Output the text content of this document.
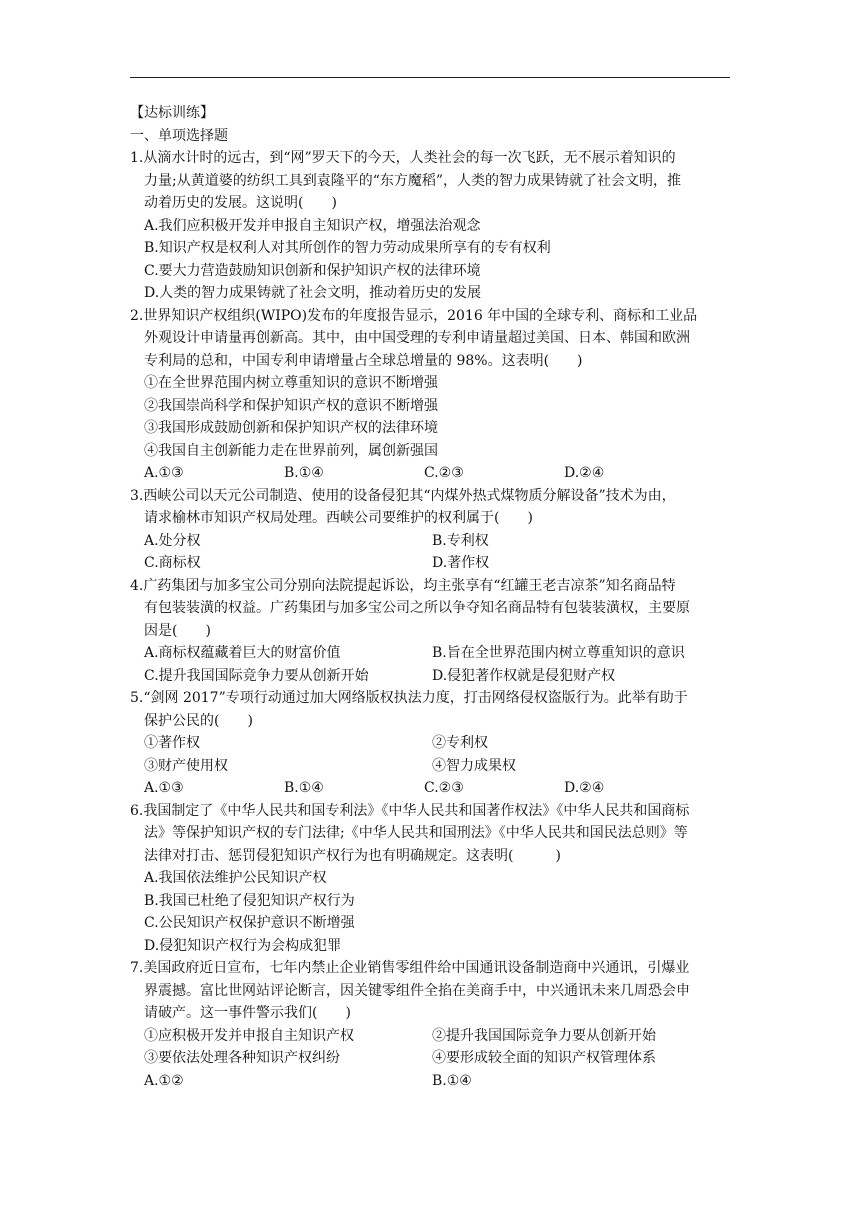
【达标训练】
一、单项选择题
1.从滴水计时的远古，到“网”罗天下的今天，人类社会的每一次飞跃，无不展示着知识的
力量;从黄道婆的纺织工具到袁隆平的“东方魔稻”，人类的智力成果铸就了社会文明，推
动着历史的发展。这说明(　　)
A.我们应积极开发并申报自主知识产权，增强法治观念
B.知识产权是权利人对其所创作的智力劳动成果所享有的专有权利
C.要大力营造鼓励知识创新和保护知识产权的法律环境
D.人类的智力成果铸就了社会文明，推动着历史的发展
2.世界知识产权组织(WIPO)发布的年度报告显示，2016 年中国的全球专利、商标和工业品
外观设计申请量再创新高。其中，由中国受理的专利申请量超过美国、日本、韩国和欧洲
专利局的总和，中国专利申请增量占全球总增量的 98%。这表明(　　)
①在全世界范围内树立尊重知识的意识不断增强
②我国崇尚科学和保护知识产权的意识不断增强
③我国形成鼓励创新和保护知识产权的法律环境
④我国自主创新能力走在世界前列，属创新强国
A.①③	B.①④	C.②③	D.②④
3.西峡公司以天元公司制造、使用的设备侵犯其“内煤外热式煤物质分解设备”技术为由，
请求榆林市知识产权局处理。西峡公司要维护的权利属于(　　)
A.处分权	B.专利权
C.商标权	D.著作权
4.广药集团与加多宝公司分别向法院提起诉讼，均主张享有“红罐王老吉凉茶”知名商品特
有包装装潢的权益。广药集团与加多宝公司之所以争夺知名商品特有包装装潢权，主要原
因是(　　)
A.商标权蕴藏着巨大的财富价值	B.旨在全世界范围内树立尊重知识的意识
C.提升我国国际竞争力要从创新开始	D.侵犯著作权就是侵犯财产权
5.“剑网 2017”专项行动通过加大网络版权执法力度，打击网络侵权盗版行为。此举有助于
保护公民的(　　)
①著作权	②专利权
③财产使用权	④智力成果权
A.①③	B.①④	C.②③	D.②④
6.我国制定了《中华人民共和国专利法》《中华人民共和国著作权法》《中华人民共和国商标
法》等保护知识产权的专门法律;《中华人民共和国刑法》《中华人民共和国民法总则》等
法律对打击、惩罚侵犯知识产权行为也有明确规定。这表明(　　　)
A.我国依法维护公民知识产权
B.我国已杜绝了侵犯知识产权行为
C.公民知识产权保护意识不断增强
D.侵犯知识产权行为会构成犯罪
7.美国政府近日宣布，七年内禁止企业销售零组件给中国通讯设备制造商中兴通讯，引爆业
界震撼。富比世网站评论断言，因关键零组件全掐在美商手中，中兴通讯未来几周恐会申
请破产。这一事件警示我们(　　)
①应积极开发并申报自主知识产权	②提升我国国际竞争力要从创新开始
③要依法处理各种知识产权纠纷	④要形成较全面的知识产权管理体系
A.①②	B.①④
